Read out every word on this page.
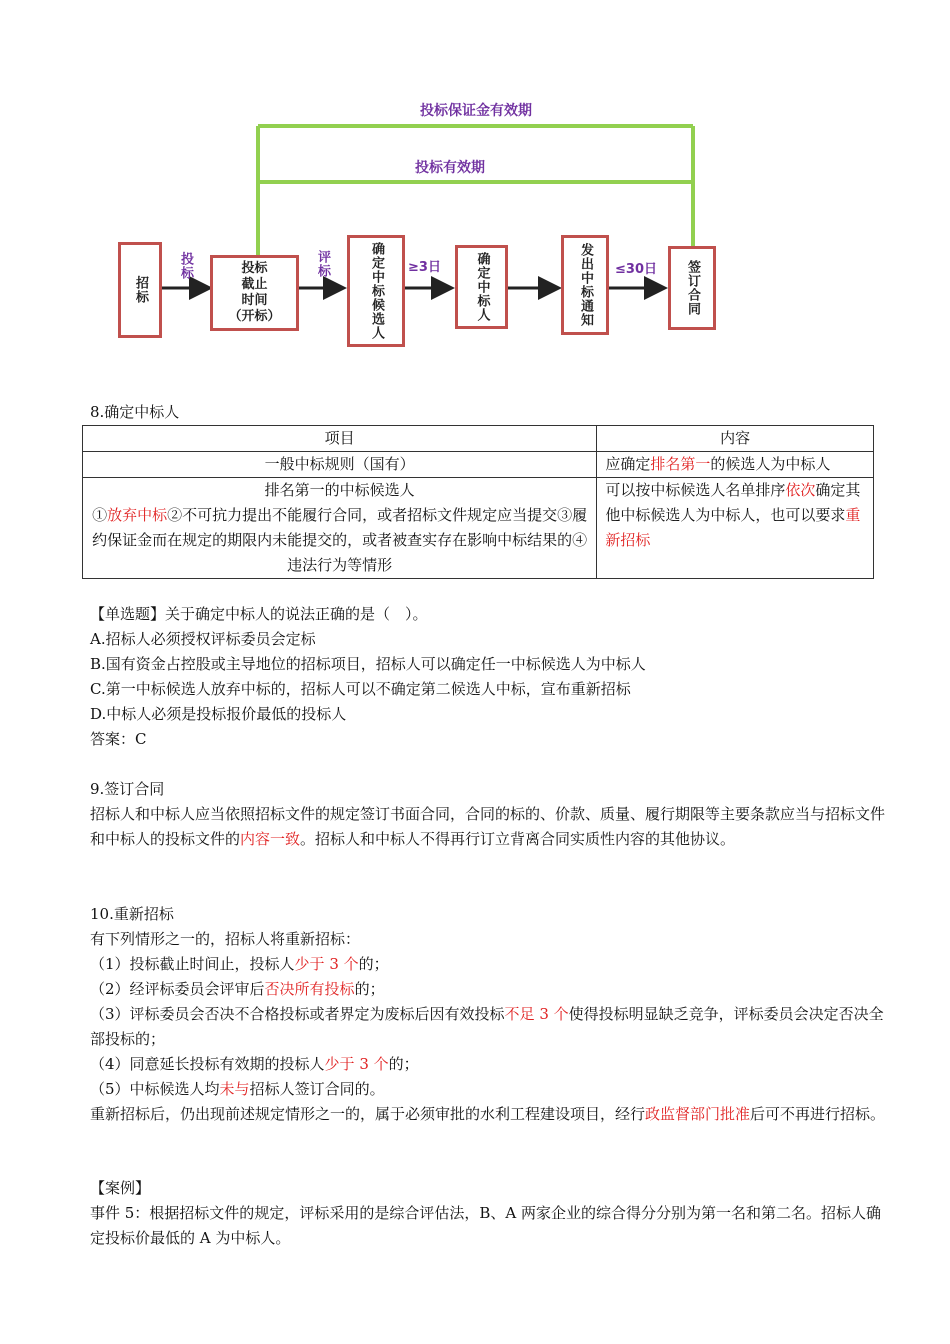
投标保证金有效期
投标有效期
招标
投标	投标
截止
时间
（开标）
评标	确定中标候选人 ≥3日	确定中标人	发出中标通知 ≤30日 签订合同
8.确定中标人
项目	内容
一般中标规则（国有）	应确定排名第一的候选人为中标人

排名第一的中标候选人
①放弃中标②不可抗力提出不能履行合同，或者招标文件规定应当提交③履约保证金而在规定的期限内未能提交的，或者被查实存在影响中标结果的④违法行为等情形	可以按中标候选人名单排序依次确定其他中标候选人为中标人，也可以要求重新招标
【单选题】关于确定中标人的说法正确的是（　）。
A.招标人必须授权评标委员会定标
B.国有资金占控股或主导地位的招标项目，招标人可以确定任一中标候选人为中标人
C.第一中标候选人放弃中标的，招标人可以不确定第二候选人中标，宣布重新招标
D.中标人必须是投标报价最低的投标人
答案：C
9.签订合同
招标人和中标人应当依照招标文件的规定签订书面合同，合同的标的、价款、质量、履行期限等主要条款应当与招标文件和中标人的投标文件的内容一致。招标人和中标人不得再行订立背离合同实质性内容的其他协议。
10.重新招标
有下列情形之一的，招标人将重新招标：
（1）投标截止时间止，投标人少于 3 个的；
（2）经评标委员会评审后否决所有投标的；
（3）评标委员会否决不合格投标或者界定为废标后因有效投标不足 3 个使得投标明显缺乏竞争，评标委员会决定否决全部投标的；
（4）同意延长投标有效期的投标人少于 3 个的；
（5）中标候选人均未与招标人签订合同的。
重新招标后，仍出现前述规定情形之一的，属于必须审批的水利工程建设项目，经行政监督部门批准后可不再进行招标。
【案例】
事件 5：根据招标文件的规定，评标采用的是综合评估法，B、A 两家企业的综合得分分别为第一名和第二名。招标人确定投标价最低的 A 为中标人。
